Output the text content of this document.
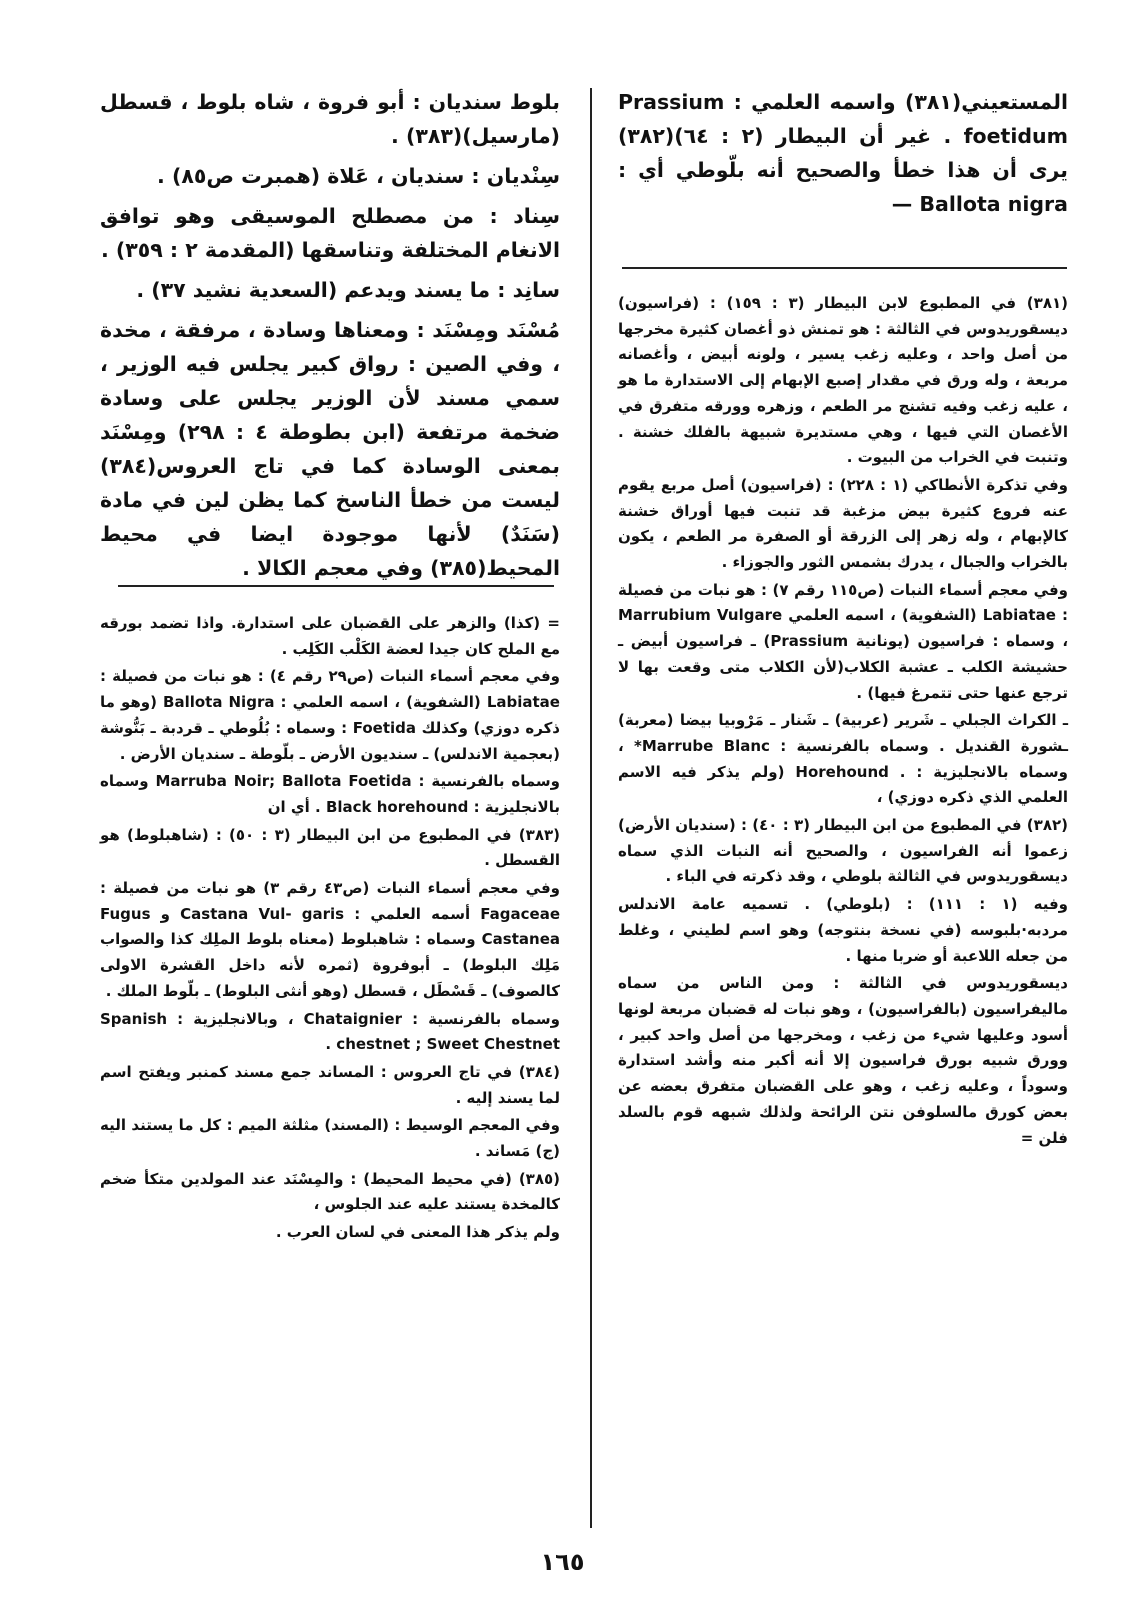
المستعيني(٣٨١) واسمه العلمي : Prassium foetidum . غير أن البيطار (٢ : ٦٤)(٣٨٢) يرى أن هذا خطأ والصحيح أنه بلّوطي أي : Ballota nigra —

(٣٨١) في المطبوع لابن البيطار (٣ : ١٥٩) : (فراسيون) ديسقوريدوس في الثالثة : هو تمنش ذو أغصان كثيرة مخرجها من أصل واحد ، وعليه زغب يسير ، ولونه أبيض ، وأغصانه مربعة ، وله ورق في مقدار إصبع الإبهام إلى الاستدارة ما هو ، عليه زغب وفيه تشنج مر الطعم ، وزهره وورقه متفرق في الأغصان التي فيها ، وهي مستديرة شبيهة بالفلك خشنة . وتنبت في الخراب من البيوت .

وفي تذكرة الأنطاكي (١ : ٢٢٨) : (فراسيون) أصل مربع يقوم عنه فروع كثيرة بيض مزغبة قد تنبت فيها أوراق خشنة كالإبهام ، وله زهر إلى الزرقة أو الصفرة مر الطعم ، يكون بالخراب والجبال ، يدرك بشمس الثور والجوزاء .

وفي معجم أسماء النبات (ص١١٥ رقم ٧) : هو نبات من فصيلة : Labiatae (الشفوية) ، اسمه العلمي Marrubium Vulgare ، وسماه : فراسيون (يونانية Prassium) ـ فراسيون أبيض ـ حشيشة الكلب ـ عشبة الكلاب(لأن الكلاب متى وقعت بها لا ترجع عنها حتى تتمرغ فيها) .

ـ الكراث الجبلي ـ شَرير (عربية) ـ شَنار ـ مَرْوبيا بيضا (معربة) ـشورة القنديل . وسماه بالفرنسية : Marrube Blanc* ، وسماه بالانجليزية : . Horehound (ولم يذكر فيه الاسم العلمي الذي ذكره دوزي) ،

(٣٨٢) في المطبوع من ابن البيطار (٣ : ٤٠) : (سنديان الأرض) زعموا أنه الفراسيون ، والصحيح أنه النبات الذي سماه ديسقوريدوس في الثالثة بلوطي ، وقد ذكرته في الباء .

وفيه (١ : ١١١) : (بلوطي) . تسميه عامة الاندلس مردبه·بلبوسه (في نسخة بنتوجه) وهو اسم لطيني ، وغلط من جعله اللاعبة أو ضربا منها .

ديسقوريدوس في الثالثة : ومن الناس من سماه ماليفراسيون (بالفراسيون) ، وهو نبات له قضبان مربعة لونها أسود وعليها شيء من زغب ، ومخرجها من أصل واحد كبير ، وورق شبيه بورق فراسيون إلا أنه أكبر منه وأشد استدارة وسوداً ، وعليه زغب ، وهو على القضبان متفرق بعضه عن بعض كورق مالسلوفن نتن الرائحة ولذلك شبهه قوم بالسلد فلن =

بلوط سنديان : أبو فروة ، شاه بلوط ، قسطل (مارسيل)(٣٨٣) .

سِنْديان : سنديان ، عَلاة (همبرت ص٨٥) .

سِناد : من مصطلح الموسيقى وهو توافق الانغام المختلفة وتناسقها (المقدمة ٢ : ٣٥٩) .

سانِد : ما يسند ويدعم (السعدية نشيد ٣٧) .

مُسْنَد ومِسْنَد : ومعناها وسادة ، مرفقة ، مخدة ، وفي الصين : رواق كبير يجلس فيه الوزير ، سمي مسند لأن الوزير يجلس على وسادة ضخمة مرتفعة (ابن بطوطة ٤ : ٢٩٨) ومِسْنَد بمعنى الوسادة كما في تاج العروس(٣٨٤) ليست من خطأ الناسخ كما يظن لين في مادة (سَنَدٌ) لأنها موجودة ايضا في محيط المحيط(٣٨٥) وفي معجم الكالا .

= (كذا) والزهر على القضبان على استدارة. واذا تضمد بورقه مع الملح كان جيدا لعضة الكَلْب الكَلِب .

وفي معجم أسماء النبات (ص٢٩ رقم ٤) : هو نبات من فصيلة : Labiatae (الشفوية) ، اسمه العلمي : Ballota Nigra (وهو ما ذكره دوزي) وكذلك Foetida : وسماه : بُلُوطي ـ قردبة ـ بَنُّوشة (بعجمية الاندلس) ـ سنديون الأرض ـ بلّوطة ـ سنديان الأرض .

وسماه بالفرنسية : Marruba Noir; Ballota Foetida وسماه بالانجليزية : Black horehound . أي ان

(٣٨٣) في المطبوع من ابن البيطار (٣ : ٥٠) : (شاهبلوط) هو القسطل .

وفي معجم أسماء النبات (ص٤٣ رقم ٣) هو نبات من فصيلة : Fagaceae أسمه العلمي : Castana Vul- garis و Fugus Castanea وسماه : شاهبلوط (معناه بلوط الملِك كذا والصواب مَلِك البلوط) ـ أبوفروة (ثمره لأنه داخل القشرة الاولى كالصوف) ـ قَسْطَل ، قسطل (وهو أنثى البلوط) ـ بلّوط الملك .

وسماه بالفرنسية : Chataignier ، وبالانجليزية : Spanish chestnet ; Sweet Chestnet .

(٣٨٤) في تاج العروس : المساند جمع مسند كمنبر ويفتح اسم لما يسند إليه .

وفي المعجم الوسيط : (المسند) مثلثة الميم : كل ما يستند اليه (ج) مَساند .

(٣٨٥) (في محيط المحيط) : والمِسْنَد عند المولدين متكأ ضخم كالمخدة يستند عليه عند الجلوس ،

ولم يذكر هذا المعنى في لسان العرب .

١٦٥
